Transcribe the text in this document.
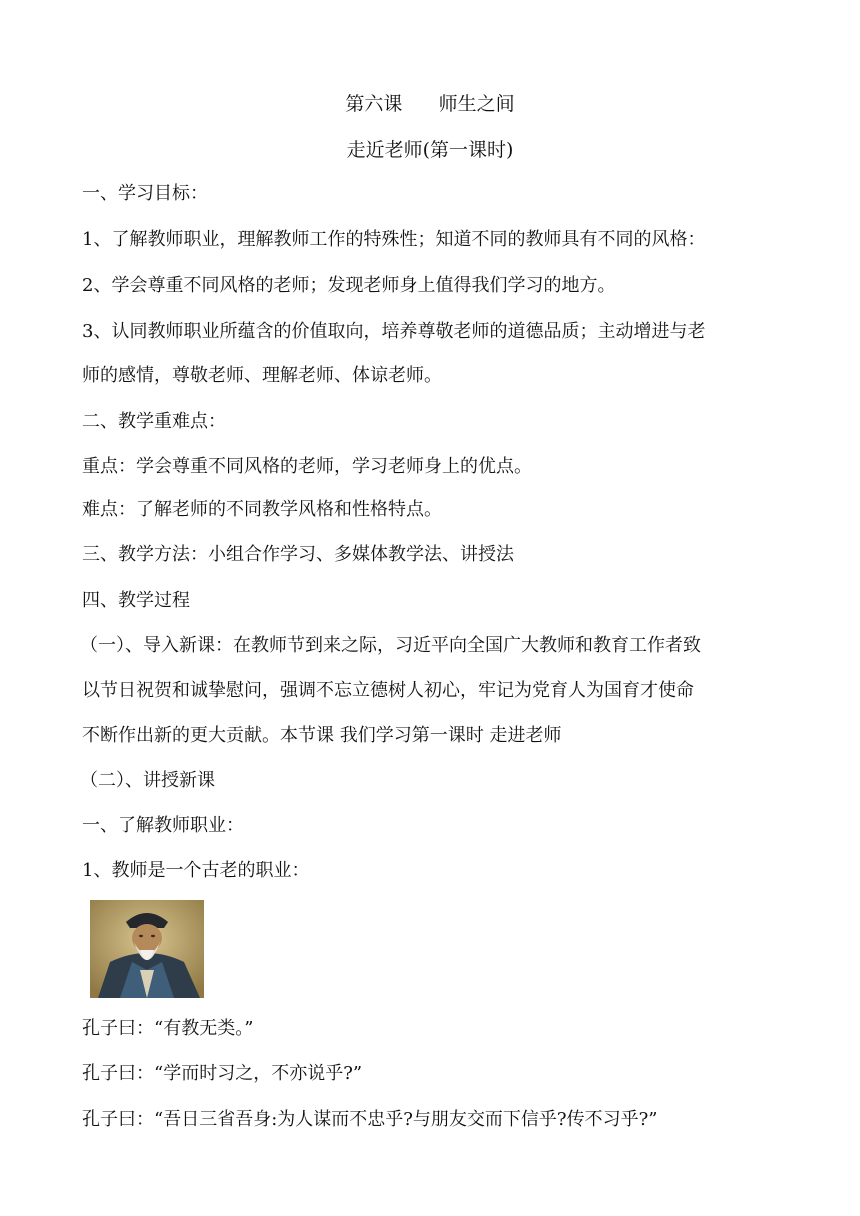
第六课      师生之间
走近老师(第一课时)
一、学习目标：
1、了解教师职业，理解教师工作的特殊性；知道不同的教师具有不同的风格：
2、学会尊重不同风格的老师；发现老师身上值得我们学习的地方。
3、认同教师职业所蕴含的价值取向，培养尊敬老师的道德品质；主动增进与老
师的感情，尊敬老师、理解老师、体谅老师。
二、教学重难点：
重点：学会尊重不同风格的老师，学习老师身上的优点。
难点：了解老师的不同教学风格和性格特点。
三、教学方法：小组合作学习、多媒体教学法、讲授法
四、教学过程
（一）、导入新课：在教师节到来之际，习近平向全国广大教师和教育工作者致
以节日祝贺和诚挚慰问，强调不忘立德树人初心，牢记为党育人为国育才使命
不断作出新的更大贡献。本节课 我们学习第一课时 走进老师
（二）、讲授新课
一、了解教师职业：
1、教师是一个古老的职业：
孔子曰：“有教无类。”
孔子曰：“学而时习之，不亦说乎?”
孔子曰：“吾日三省吾身:为人谋而不忠乎?与朋友交而下信乎?传不习乎?”
